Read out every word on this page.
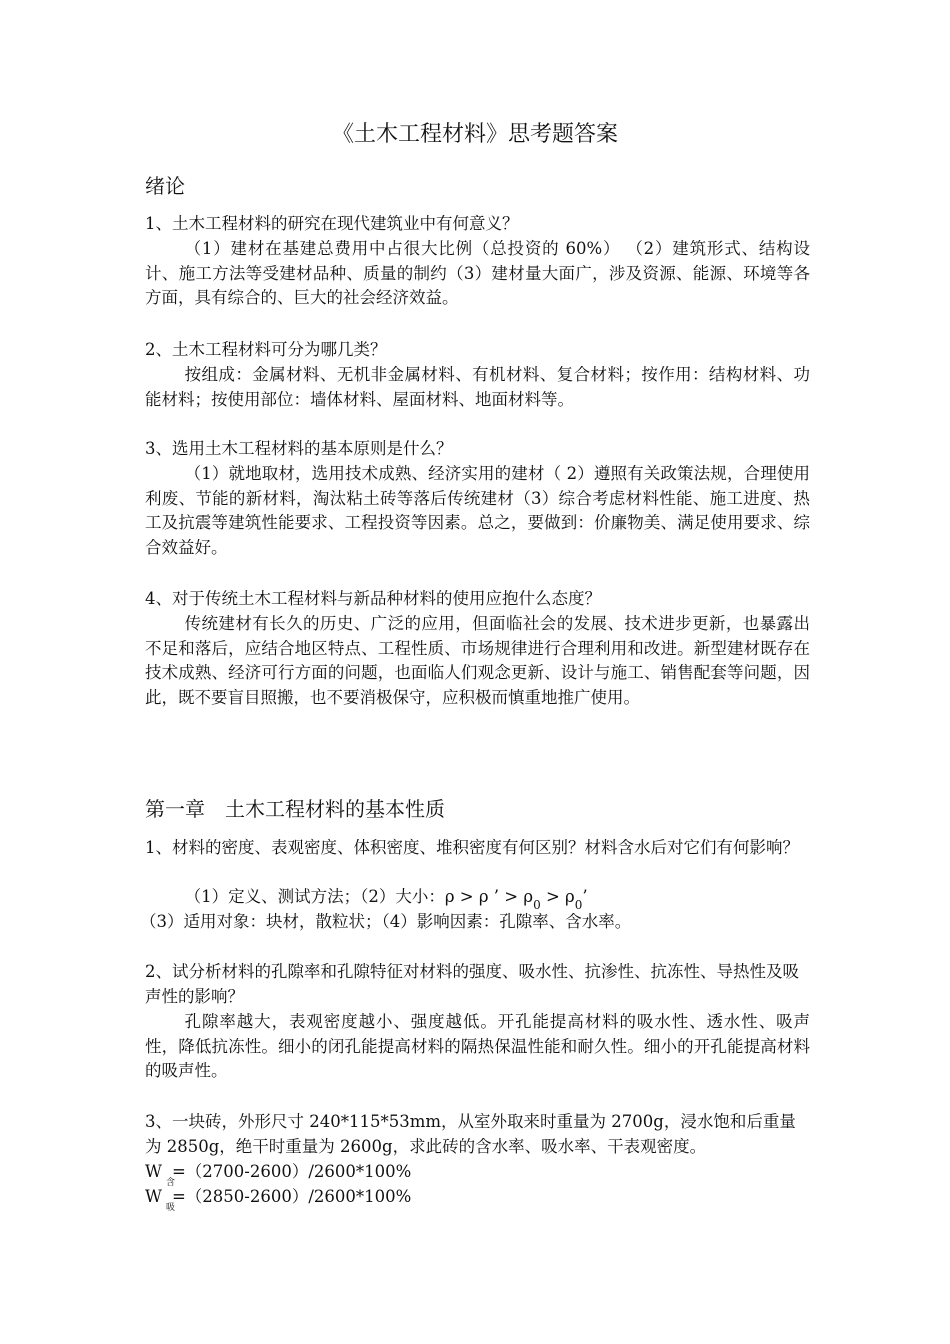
《土木工程材料》思考题答案
绪论
1、土木工程材料的研究在现代建筑业中有何意义？
（1）建材在基建总费用中占很大比例（总投资的 60%） （2）建筑形式、结构设计、施工方法等受建材品种、质量的制约（3）建材量大面广，涉及资源、能源、环境等各方面，具有综合的、巨大的社会经济效益。
2、土木工程材料可分为哪几类？
按组成：金属材料、无机非金属材料、有机材料、复合材料；按作用：结构材料、功能材料；按使用部位：墙体材料、屋面材料、地面材料等。
3、选用土木工程材料的基本原则是什么？
（1）就地取材，选用技术成熟、经济实用的建材（ 2）遵照有关政策法规，合理使用利废、节能的新材料，淘汰粘土砖等落后传统建材（3）综合考虑材料性能、施工进度、热工及抗震等建筑性能要求、工程投资等因素。总之，要做到：价廉物美、满足使用要求、综合效益好。
4、对于传统土木工程材料与新品种材料的使用应抱什么态度？
传统建材有长久的历史、广泛的应用，但面临社会的发展、技术进步更新，也暴露出不足和落后，应结合地区特点、工程性质、市场规律进行合理利用和改进。新型建材既存在技术成熟、经济可行方面的问题，也面临人们观念更新、设计与施工、销售配套等问题，因此，既不要盲目照搬，也不要消极保守，应积极而慎重地推广使用。
第一章　土木工程材料的基本性质
1、材料的密度、表观密度、体积密度、堆积密度有何区别？材料含水后对它们有何影响？
（1）定义、测试方法；（2）大小：ρ > ρ ’ > $\rho_0 > \rho_0$’
（3）适用对象：块材，散粒状；（4）影响因素：孔隙率、含水率。
2、试分析材料的孔隙率和孔隙特征对材料的强度、吸水性、抗渗性、抗冻性、导热性及吸声性的影响？
孔隙率越大，表观密度越小、强度越低。开孔能提高材料的吸水性、透水性、吸声性，降低抗冻性。细小的闭孔能提高材料的隔热保温性能和耐久性。细小的开孔能提高材料的吸声性。
3、一块砖，外形尺寸 240*115*53mm，从室外取来时重量为 2700g，浸水饱和后重量为 2850g，绝干时重量为 2600g，求此砖的含水率、吸水率、干表观密度。
W =（2700-2600）/2600*100%
含
W =（2850-2600）/2600*100%
吸
